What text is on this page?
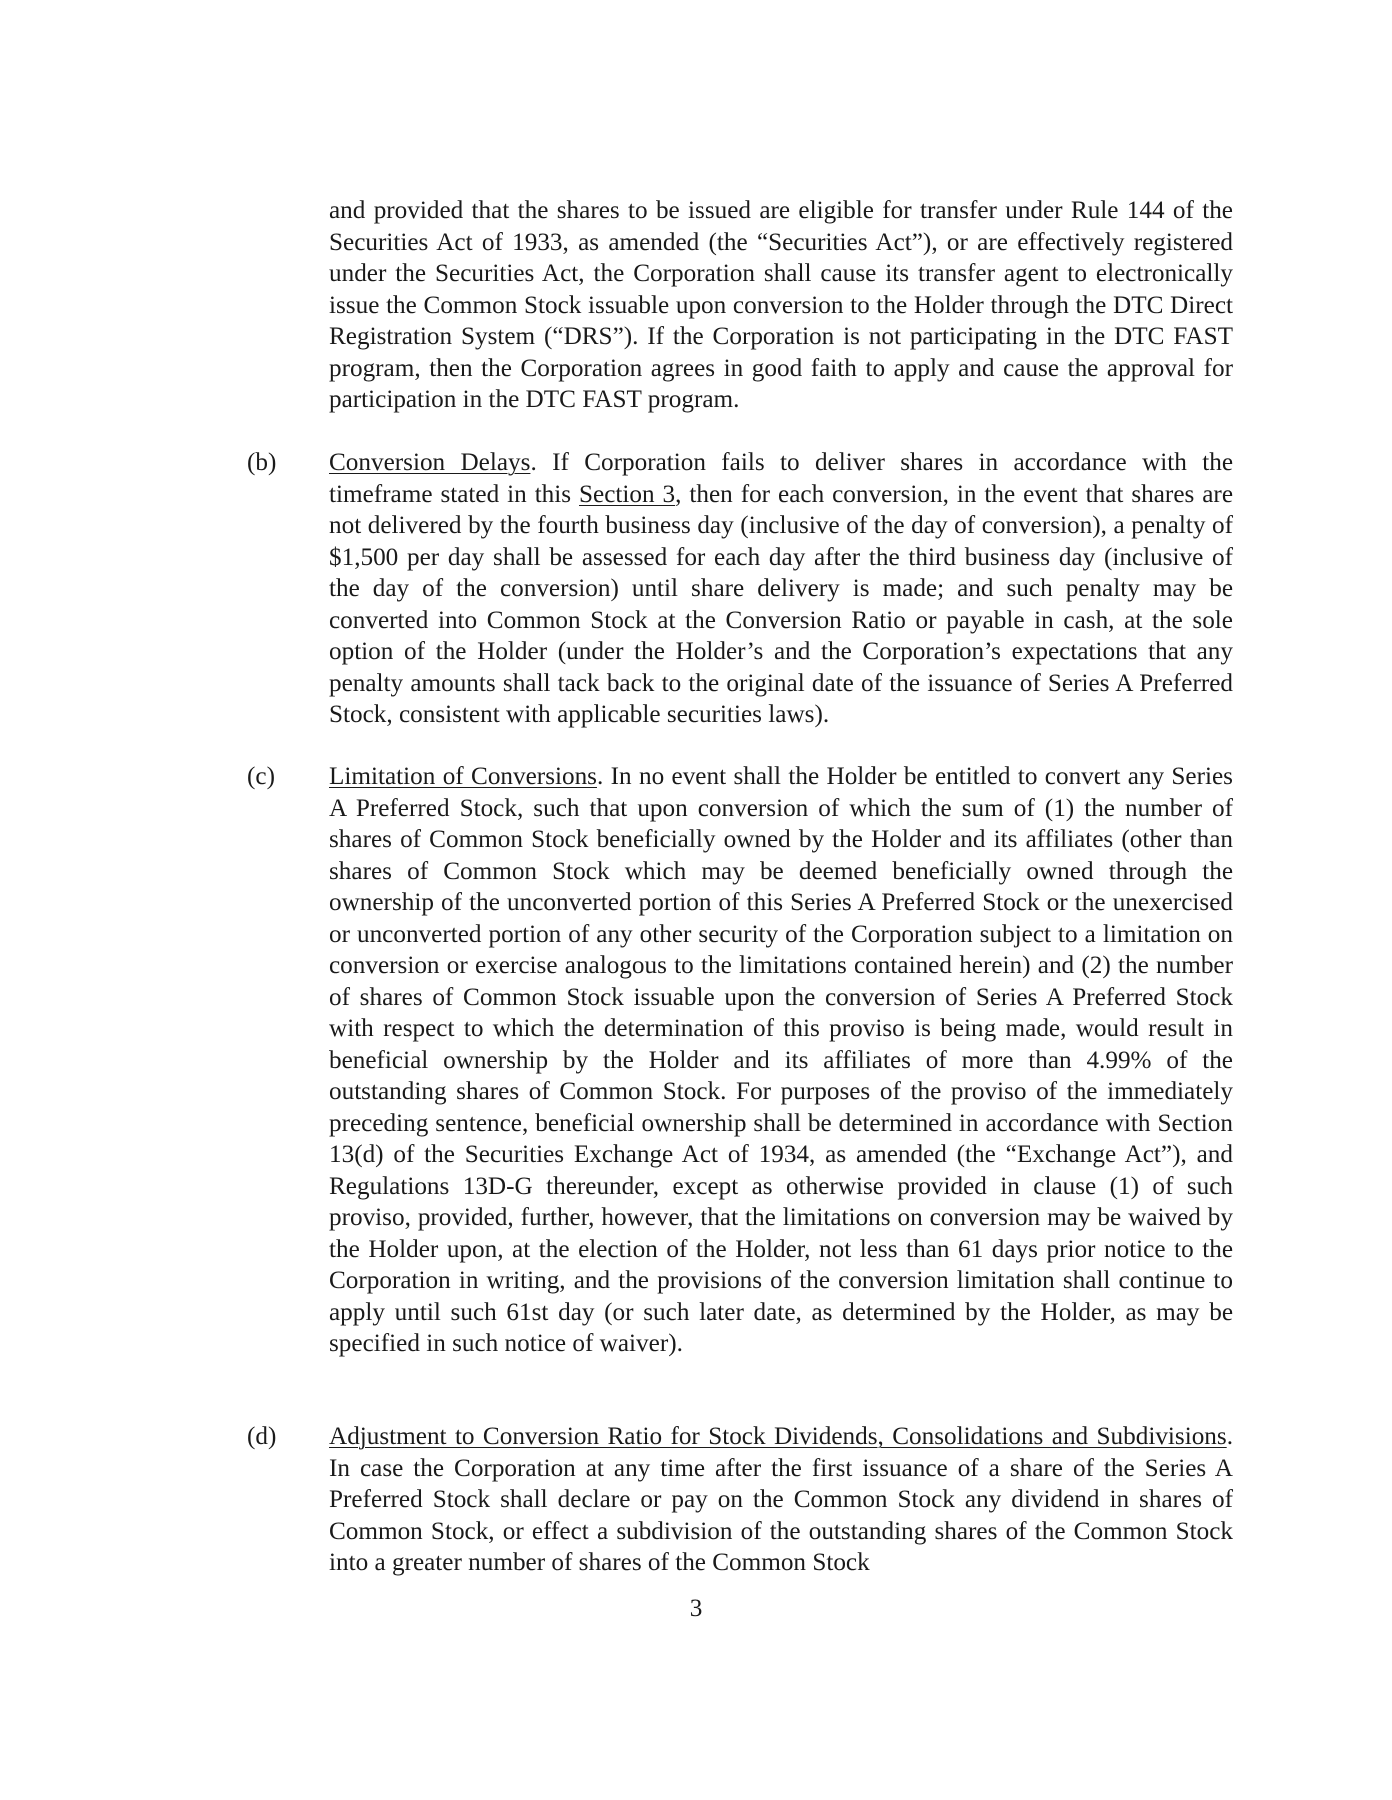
and provided that the shares to be issued are eligible for transfer under Rule 144 of the Securities Act of 1933, as amended (the “Securities Act”), or are effectively registered under the Securities Act, the Corporation shall cause its transfer agent to electronically issue the Common Stock issuable upon conversion to the Holder through the DTC Direct Registration System (“DRS”). If the Corporation is not participating in the DTC FAST program, then the Corporation agrees in good faith to apply and cause the approval for participation in the DTC FAST program.

(b) Conversion Delays. If Corporation fails to deliver shares in accordance with the timeframe stated in this Section 3, then for each conversion, in the event that shares are not delivered by the fourth business day (inclusive of the day of conversion), a penalty of $1,500 per day shall be assessed for each day after the third business day (inclusive of the day of the conversion) until share delivery is made; and such penalty may be converted into Common Stock at the Conversion Ratio or payable in cash, at the sole option of the Holder (under the Holder’s and the Corporation’s expectations that any penalty amounts shall tack back to the original date of the issuance of Series A Preferred Stock, consistent with applicable securities laws).

(c) Limitation of Conversions. In no event shall the Holder be entitled to convert any Series A Preferred Stock, such that upon conversion of which the sum of (1) the number of shares of Common Stock beneficially owned by the Holder and its affiliates (other than shares of Common Stock which may be deemed beneficially owned through the ownership of the unconverted portion of this Series A Preferred Stock or the unexercised or unconverted portion of any other security of the Corporation subject to a limitation on conversion or exercise analogous to the limitations contained herein) and (2) the number of shares of Common Stock issuable upon the conversion of Series A Preferred Stock with respect to which the determination of this proviso is being made, would result in beneficial ownership by the Holder and its affiliates of more than 4.99% of the outstanding shares of Common Stock. For purposes of the proviso of the immediately preceding sentence, beneficial ownership shall be determined in accordance with Section 13(d) of the Securities Exchange Act of 1934, as amended (the “Exchange Act”), and Regulations 13D-G thereunder, except as otherwise provided in clause (1) of such proviso, provided, further, however, that the limitations on conversion may be waived by the Holder upon, at the election of the Holder, not less than 61 days prior notice to the Corporation in writing, and the provisions of the conversion limitation shall continue to apply until such 61st day (or such later date, as determined by the Holder, as may be specified in such notice of waiver).

(d) Adjustment to Conversion Ratio for Stock Dividends, Consolidations and Subdivisions. In case the Corporation at any time after the first issuance of a share of the Series A Preferred Stock shall declare or pay on the Common Stock any dividend in shares of Common Stock, or effect a subdivision of the outstanding shares of the Common Stock into a greater number of shares of the Common Stock

3
